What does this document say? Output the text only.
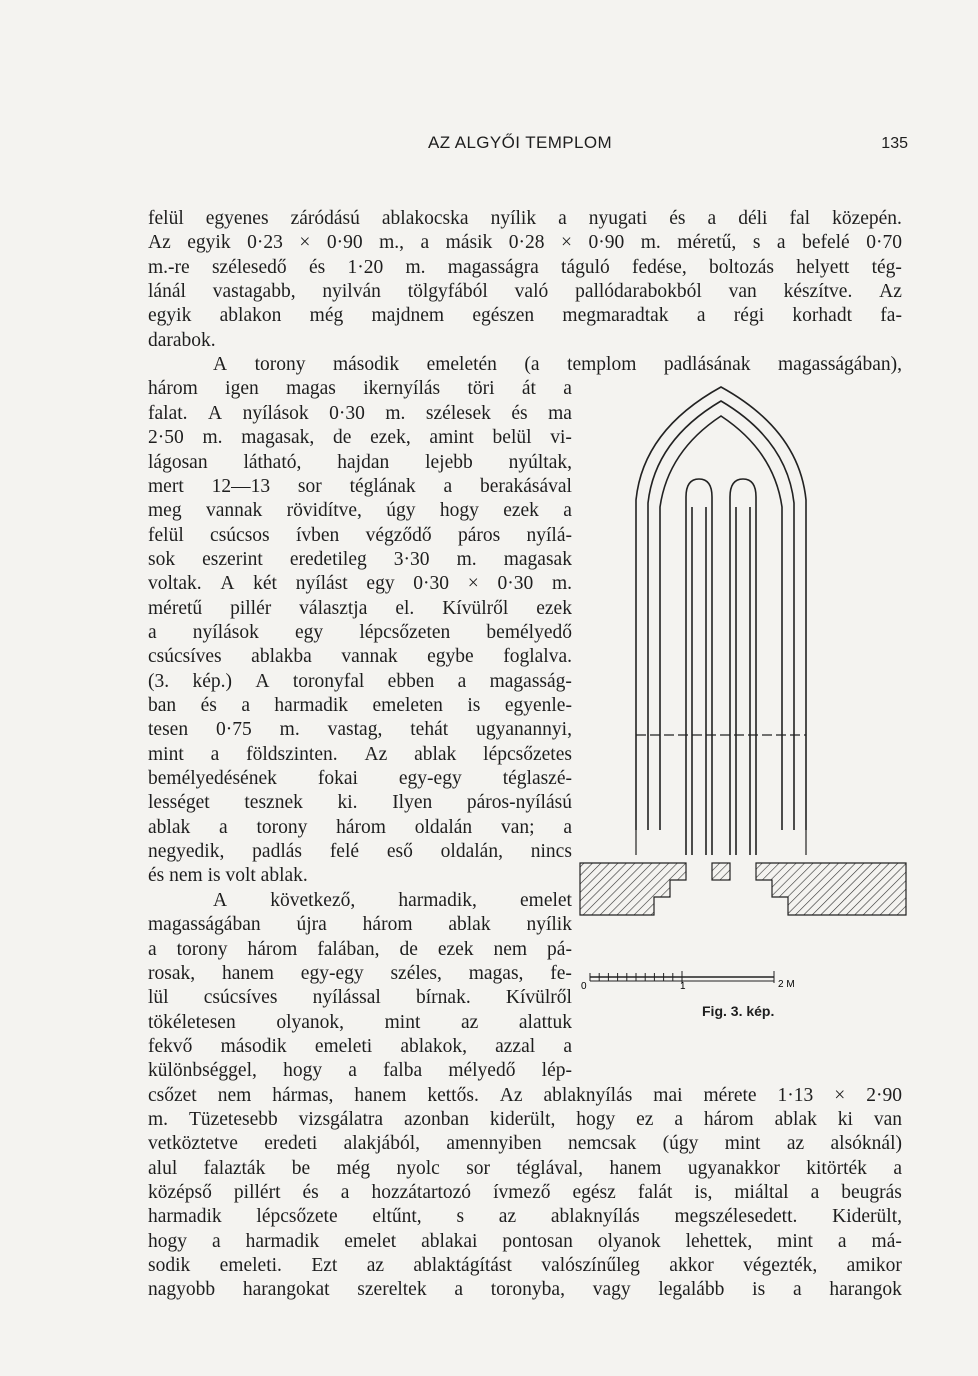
AZ ALGYŐI TEMPLOM	135
felül egyenes záródású ablakocska nyílik a nyugati és a déli fal közepén.
Az egyik 0·23 × 0·90 m., a másik 0·28 × 0·90 m. méretű, s a befelé 0·70
m.-re szélesedő és 1·20 m. magasságra táguló fedése, boltozás helyett tég-
lánál vastagabb, nyilván tölgyfából való pallódarabokból van készítve. Az
egyik ablakon még majdnem egészen megmaradtak a régi korhadt fa-
darabok.
A torony második emeletén (a templom padlásának magasságában),
három igen magas ikernyílás töri át a
falat. A nyílások 0·30 m. szélesek és ma
2·50 m. magasak, de ezek, amint belül vi-
lágosan látható, hajdan lejebb nyúltak,
mert 12—13 sor téglának a berakásával
meg vannak rövidítve, úgy hogy ezek a
felül csúcsos ívben végződő páros nyílá-
sok eszerint eredetileg 3·30 m. magasak
voltak. A két nyílást egy 0·30 × 0·30 m.
méretű pillér választja el. Kívülről ezek
a nyílások egy lépcsőzeten bemélyedő
csúcsíves ablakba vannak egybe foglalva.
(3. kép.) A toronyfal ebben a magasság-
ban és a harmadik emeleten is egyenle-
tesen 0·75 m. vastag, tehát ugyanannyi,
mint a földszinten. Az ablak lépcsőzetes
bemélyedésének fokai egy-egy téglaszé-
lességet tesznek ki. Ilyen páros-nyílású
ablak a torony három oldalán van; a
negyedik, padlás felé eső oldalán, nincs
és nem is volt ablak.
A következő, harmadik, emelet
magasságában újra három ablak nyílik
a torony három falában, de ezek nem pá-
rosak, hanem egy-egy széles, magas, fe-
lül csúcsíves nyílással bírnak. Kívülről
tökéletesen olyanok, mint az alattuk
fekvő második emeleti ablakok, azzal a
különbséggel, hogy a falba mélyedő lép-
csőzet nem hármas, hanem kettős. Az ablaknyílás mai mérete 1·13 × 2·90
m. Tüzetesebb vizsgálatra azonban kiderült, hogy ez a három ablak ki van
vetköztetve eredeti alakjából, amennyiben nemcsak (úgy mint az alsóknál)
alul falazták be még nyolc sor téglával, hanem ugyanakkor kitörték a
középső pillért és a hozzátartozó ívmező egész falát is, miáltal a beugrás
harmadik lépcsőzete eltűnt, s az ablaknyílás megszélesedett. Kiderült,
hogy a harmadik emelet ablakai pontosan olyanok lehettek, mint a má-
sodik emeleti. Ezt az ablaktágítást valószínűleg akkor végezték, amikor
nagyobb harangokat szereltek a toronyba, vagy legalább is a harangok
0	1	2 M
Fig. 3. kép.
